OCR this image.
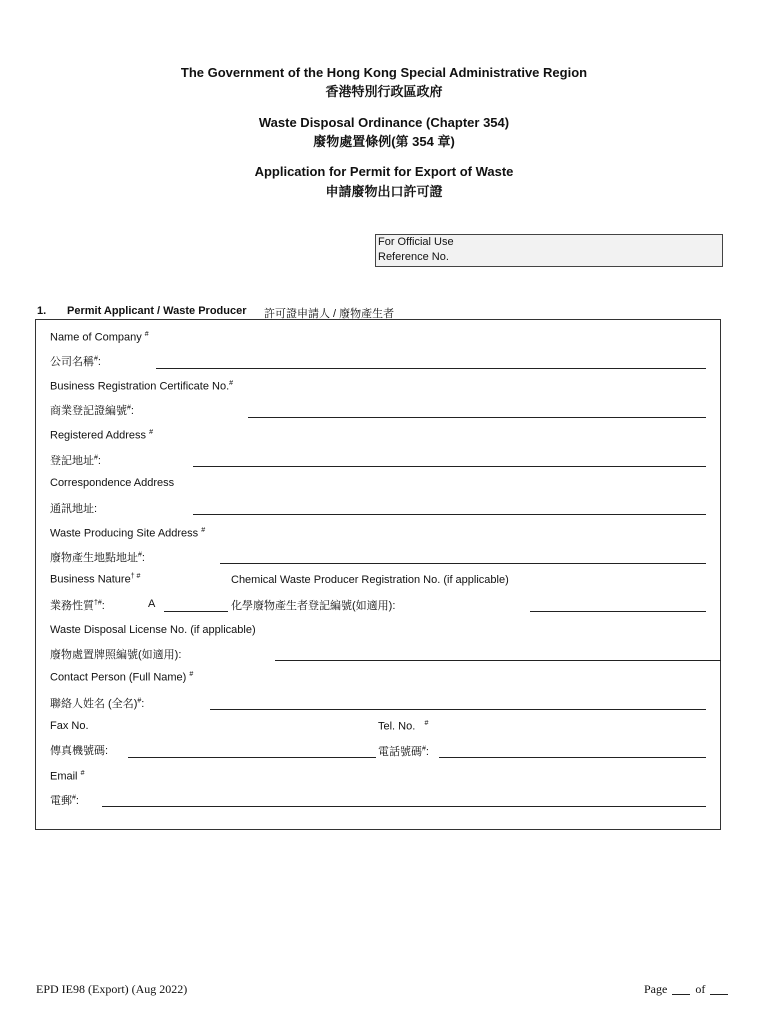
The Government of the Hong Kong Special Administrative Region
香港特別行政區政府
Waste Disposal Ordinance (Chapter 354)
廢物處置條例(第 354 章)
Application for Permit for Export of Waste
申請廢物出口許可證
For Official Use
Reference No.
1. Permit Applicant / Waste Producer 許可證申請人 / 廢物產生者
Name of Company #
公司名稱#:
Business Registration Certificate No.#
商業登記證編號#:
Registered Address #
登記地址#:
Correspondence Address
通訊地址:
Waste Producing Site Address #
廢物產生地點地址#:
Business Nature† #	Chemical Waste Producer Registration No. (if applicable)
業務性質†#:	A	化學廢物產生者登記編號(如適用):
Waste Disposal License No. (if applicable)
廢物處置牌照編號(如適用):
Contact Person (Full Name) #
聯絡人姓名 (全名)#:
Fax No.
傳真機號碼:
Tel. No. #
電話號碼#:
Email #
電郵#:
EPD IE98 (Export) (Aug 2022)	Page of
